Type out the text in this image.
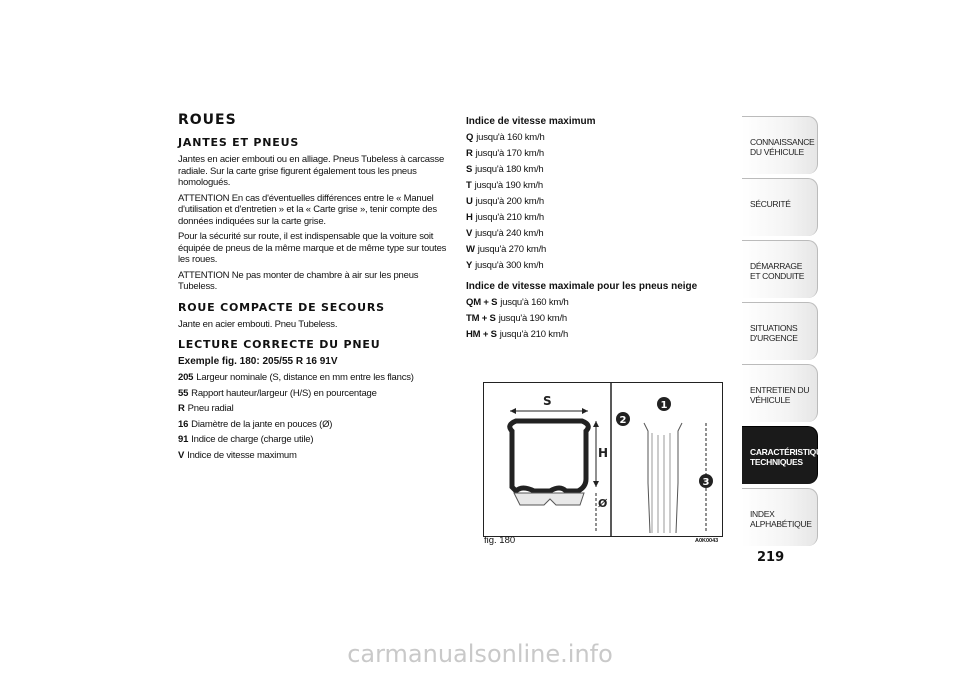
ROUES
JANTES ET PNEUS

Jantes en acier embouti ou en alliage. Pneus Tubeless à carcasse radiale. Sur la carte grise figurent également tous les pneus homologués.

ATTENTION En cas d'éventuelles différences entre le « Manuel d'utilisation et d'entretien » et la « Carte grise », tenir compte des données indiquées sur la carte grise.

Pour la sécurité sur route, il est indispensable que la voiture soit équipée de pneus de la même marque et de même type sur toutes les roues.

ATTENTION Ne pas monter de chambre à air sur les pneus Tubeless.

ROUE COMPACTE DE SECOURS

Jante en acier embouti. Pneu Tubeless.

LECTURE CORRECTE DU PNEU
Exemple fig. 180: 205/55 R 16 91V
205 Largeur nominale (S, distance en mm entre les flancs)
55 Rapport hauteur/largeur (H/S) en pourcentage
R Pneu radial
16 Diamètre de la jante en pouces (Ø)
91 Indice de charge (charge utile)
V Indice de vitesse maximum
Indice de vitesse maximum
Q jusqu'à 160 km/h
R jusqu'à 170 km/h
S jusqu'à 180 km/h
T jusqu'à 190 km/h
U jusqu'à 200 km/h
H jusqu'à 210 km/h
V jusqu'à 240 km/h
W jusqu'à 270 km/h
Y jusqu'à 300 km/h
Indice de vitesse maximale pour les pneus neige
QM + S jusqu'à 160 km/h
TM + S jusqu'à 190 km/h
HM + S jusqu'à 210 km/h
S
H
Ø
1
2
3
fig. 180	A0K0043
CONNAISSANCE DU VÉHICULE
SÉCURITÉ
DÉMARRAGE ET CONDUITE
SITUATIONS D'URGENCE
ENTRETIEN DU VÉHICULE
CARACTÉRISTIQUES TECHNIQUES
INDEX ALPHABÉTIQUE
219
carmanualsonline.info
